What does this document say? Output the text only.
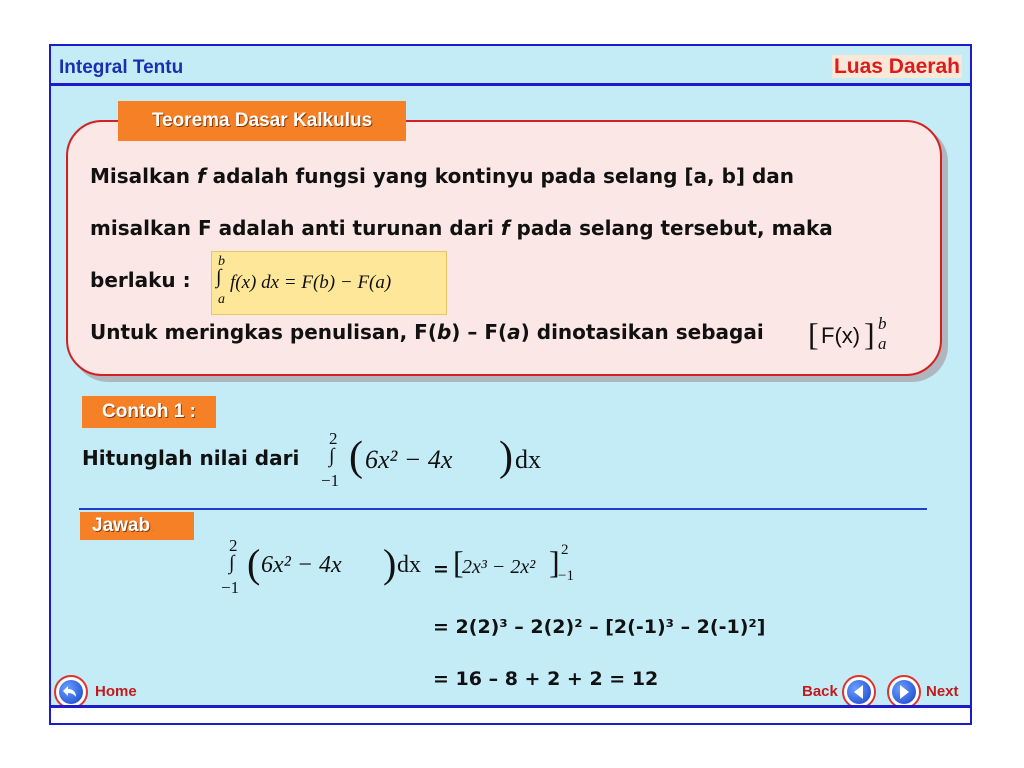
Integral Tentu	Luas Daerah
Teorema Dasar Kalkulus
Misalkan f adalah fungsi yang kontinyu pada selang [a, b] dan
misalkan F adalah anti turunan dari f pada selang tersebut, maka
berlaku :
b
∫ f(x) dx = F(b) − F(a)
a
Untuk meringkas penulisan, F(b) – F(a) dinotasikan sebagai [ F(x) ] b
a
Contoh 1 :
Hitunglah nilai dari
2
∫
−1
( 6x² − 4x ) dx
Jawab
2
∫
−1
( 6x² − 4x ) dx = [
2x³ − 2x² ] 2
−1
= 2(2)³ – 2(2)² – [2(-1)³ – 2(-1)²]
= 16 – 8 + 2 + 2 = 12
Home	Back	Next
